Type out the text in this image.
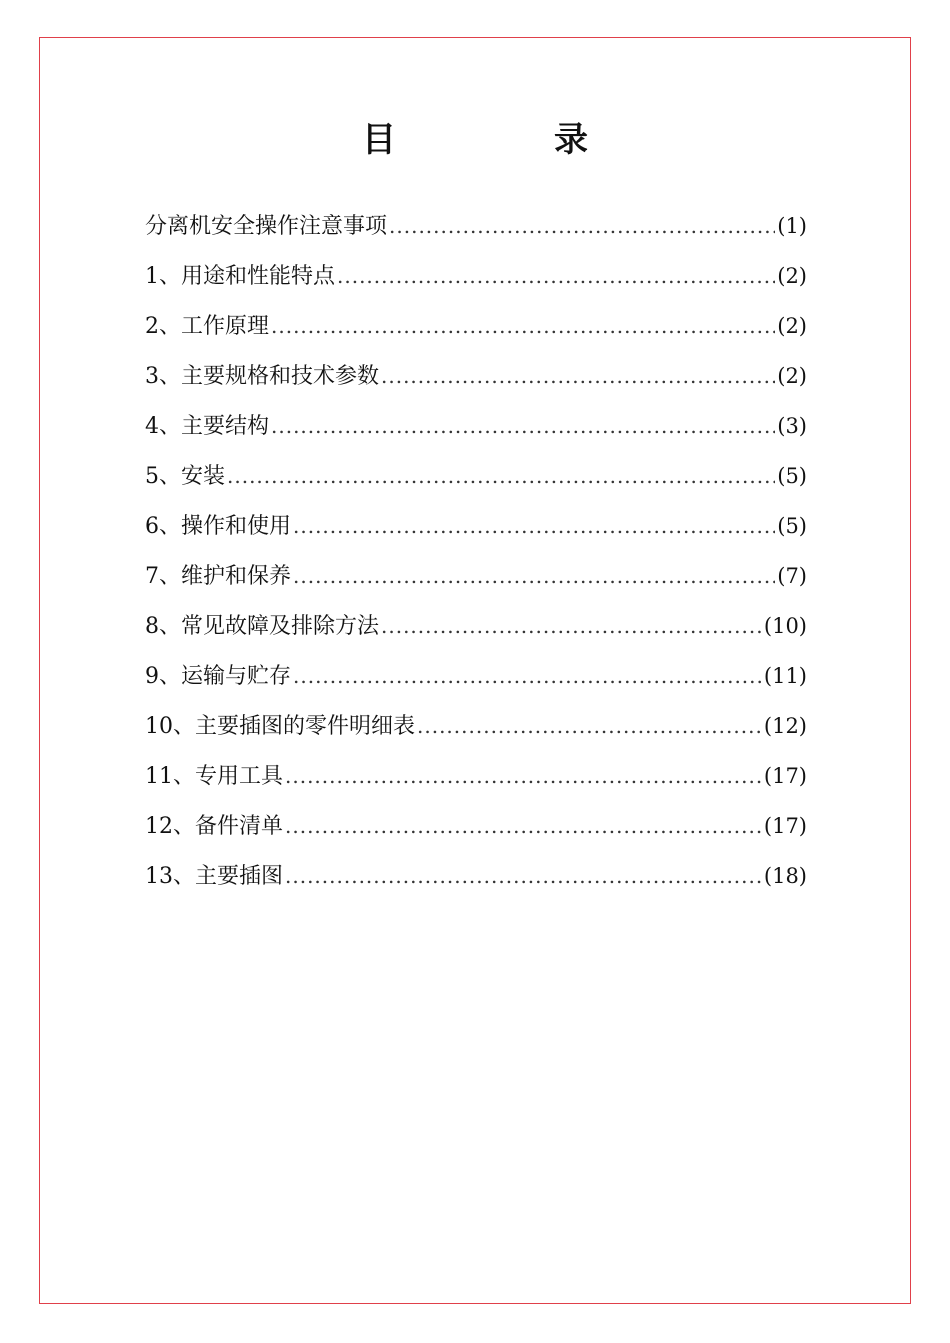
目　录
分离机安全操作注意事项 .....	(1)
1、用途和性能特点 .....	(2)
2、工作原理 .....	(2)
3、主要规格和技术参数 .....	(2)
4、主要结构 .....	(3)
5、安装 .....	(5)
6、操作和使用 .....	(5)
7、维护和保养 .....	(7)
8、常见故障及排除方法 .....	(10)
9、运输与贮存 .....	(11)
10、主要插图的零件明细表 .....	(12)
11、专用工具 .....	(17)
12、备件清单 .....	(17)
13、主要插图 .....	(18)
